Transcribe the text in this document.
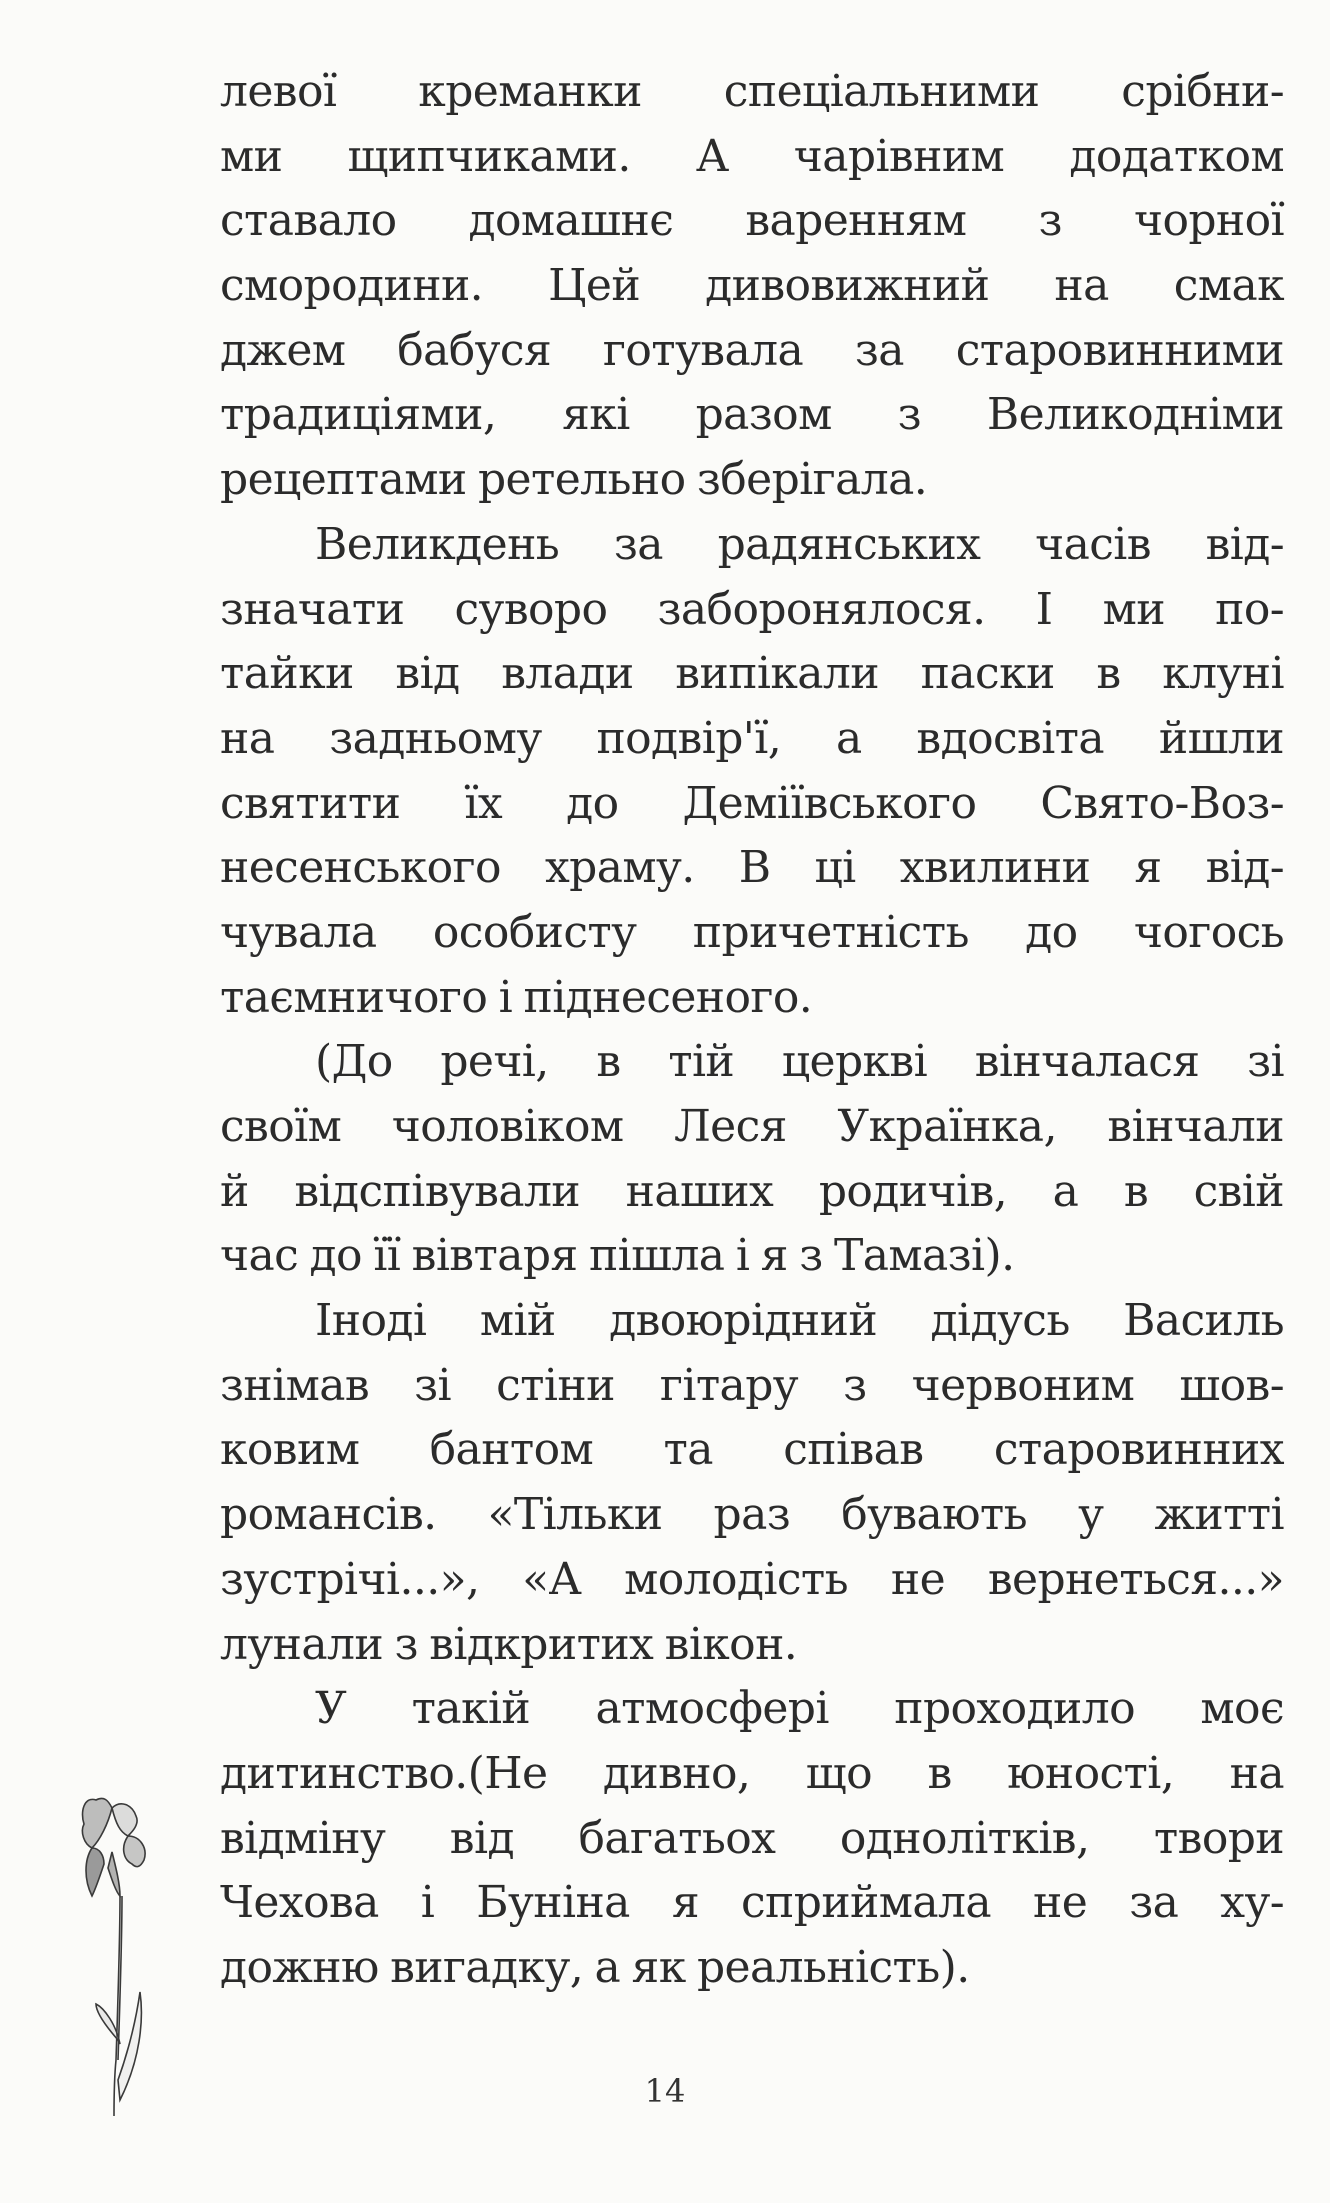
левої креманки спеціальними срібни-
ми щипчиками. А чарівним додатком
ставало домашнє варенням з чорної
смородини. Цей дивовижний на смак
джем бабуся готувала за старовинними
традиціями, які разом з Великодніми
рецептами ретельно зберігала.
Великдень за радянських часів від-
значати суворо заборонялося. І ми по-
тайки від влади випікали паски в клуні
на задньому подвір'ї, а вдосвіта йшли
святити їх до Деміївського Свято-Воз-
несенського храму. В ці хвилини я від-
чувала особисту причетність до чогось
таємничого і піднесеного.
(До речі, в тій церкві вінчалася зі
своїм чоловіком Леся Українка, вінчали
й відспівували наших родичів, а в свій
час до її вівтаря пішла і я з Тамазі).
Іноді мій двоюрідний дідусь Василь
знімав зі стіни гітару з червоним шов-
ковим бантом та співав старовинних
романсів. «Тільки раз бувають у житті
зустрічі...», «А молодість не вернеться...»
лунали з відкритих вікон.
У такій атмосфері проходило моє
дитинство.(Не дивно, що в юності, на
відміну від багатьох однолітків, твори
Чехова і Буніна я сприймала не за ху-
дожню вигадку, а як реальність).
14
